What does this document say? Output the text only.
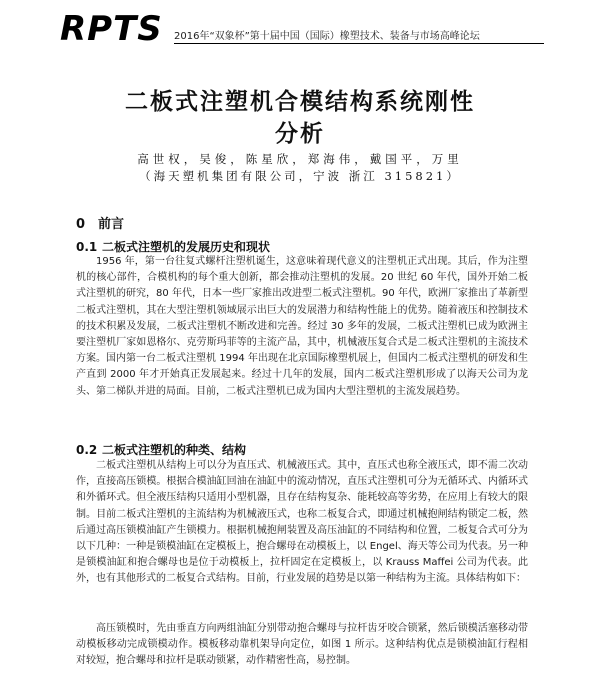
RPTS 2016年“双象杯”第十届中国（国际）橡塑技术、装备与市场高峰论坛
二板式注塑机合模结构系统刚性
分析
高世权，吴俊，陈星欣，郑海伟，戴国平，万里
（海天塑机集团有限公司，宁波 浙江 315821）
0 前言
0.1 二板式注塑机的发展历史和现状

1956 年，第一台往复式螺杆注塑机诞生，这意味着现代意义的注塑机正式出现。其后，作为注塑机的核心部件，合模机构的每个重大创新，都会推动注塑机的发展。20 世纪 60 年代，国外开始二板式注塑机的研究，80 年代，日本一些厂家推出改进型二板式注塑机。90 年代，欧洲厂家推出了革新型二板式注塑机，其在大型注塑机领域展示出巨大的发展潜力和结构性能上的优势。随着液压和控制技术的技术积累及发展，二板式注塑机不断改进和完善。经过 30 多年的发展，二板式注塑机已成为欧洲主要注塑机厂家如恩格尔、克劳斯玛菲等的主流产品，其中，机械液压复合式是二板式注塑机的主流技术方案。国内第一台二板式注塑机 1994 年出现在北京国际橡塑机展上，但国内二板式注塑机的研发和生产直到 2000 年才开始真正发展起来。经过十几年的发展，国内二板式注塑机形成了以海天公司为龙头、第二梯队并进的局面。目前，二板式注塑机已成为国内大型注塑机的主流发展趋势。

0.2 二板式注塑机的种类、结构

二板式注塑机从结构上可以分为直压式、机械液压式。其中，直压式也称全液压式，即不需二次动作，直接高压锁模。根据合模油缸回油在油缸中的流动情况，直压式注塑机可分为无循环式、内循环式和外循环式。但全液压结构只适用小型机器，且存在结构复杂、能耗较高等劣势，在应用上有较大的限制。目前二板式注塑机的主流结构为机械液压式，也称二板复合式，即通过机械抱闸结构锁定二板，然后通过高压锁模油缸产生锁模力。根据机械抱闸装置及高压油缸的不同结构和位置，二板复合式可分为以下几种：一种是锁模油缸在定模板上，抱合螺母在动模板上，以 Engel、海天等公司为代表。另一种是锁模油缸和抱合螺母也是位于动模板上，拉杆固定在定模板上，以 Krauss Maffei 公司为代表。此外，也有其他形式的二板复合式结构。目前，行业发展的趋势是以第一种结构为主流。具体结构如下：

高压锁模时，先由垂直方向两组油缸分别带动抱合螺母与拉杆齿牙咬合锁紧，然后锁模活塞移动带动模板移动完成锁模动作。模板移动靠机架导向定位，如图 1 所示。这种结构优点是锁模油缸行程相对较短，抱合螺母和拉杆是联动锁紧，动作精密性高，易控制。
